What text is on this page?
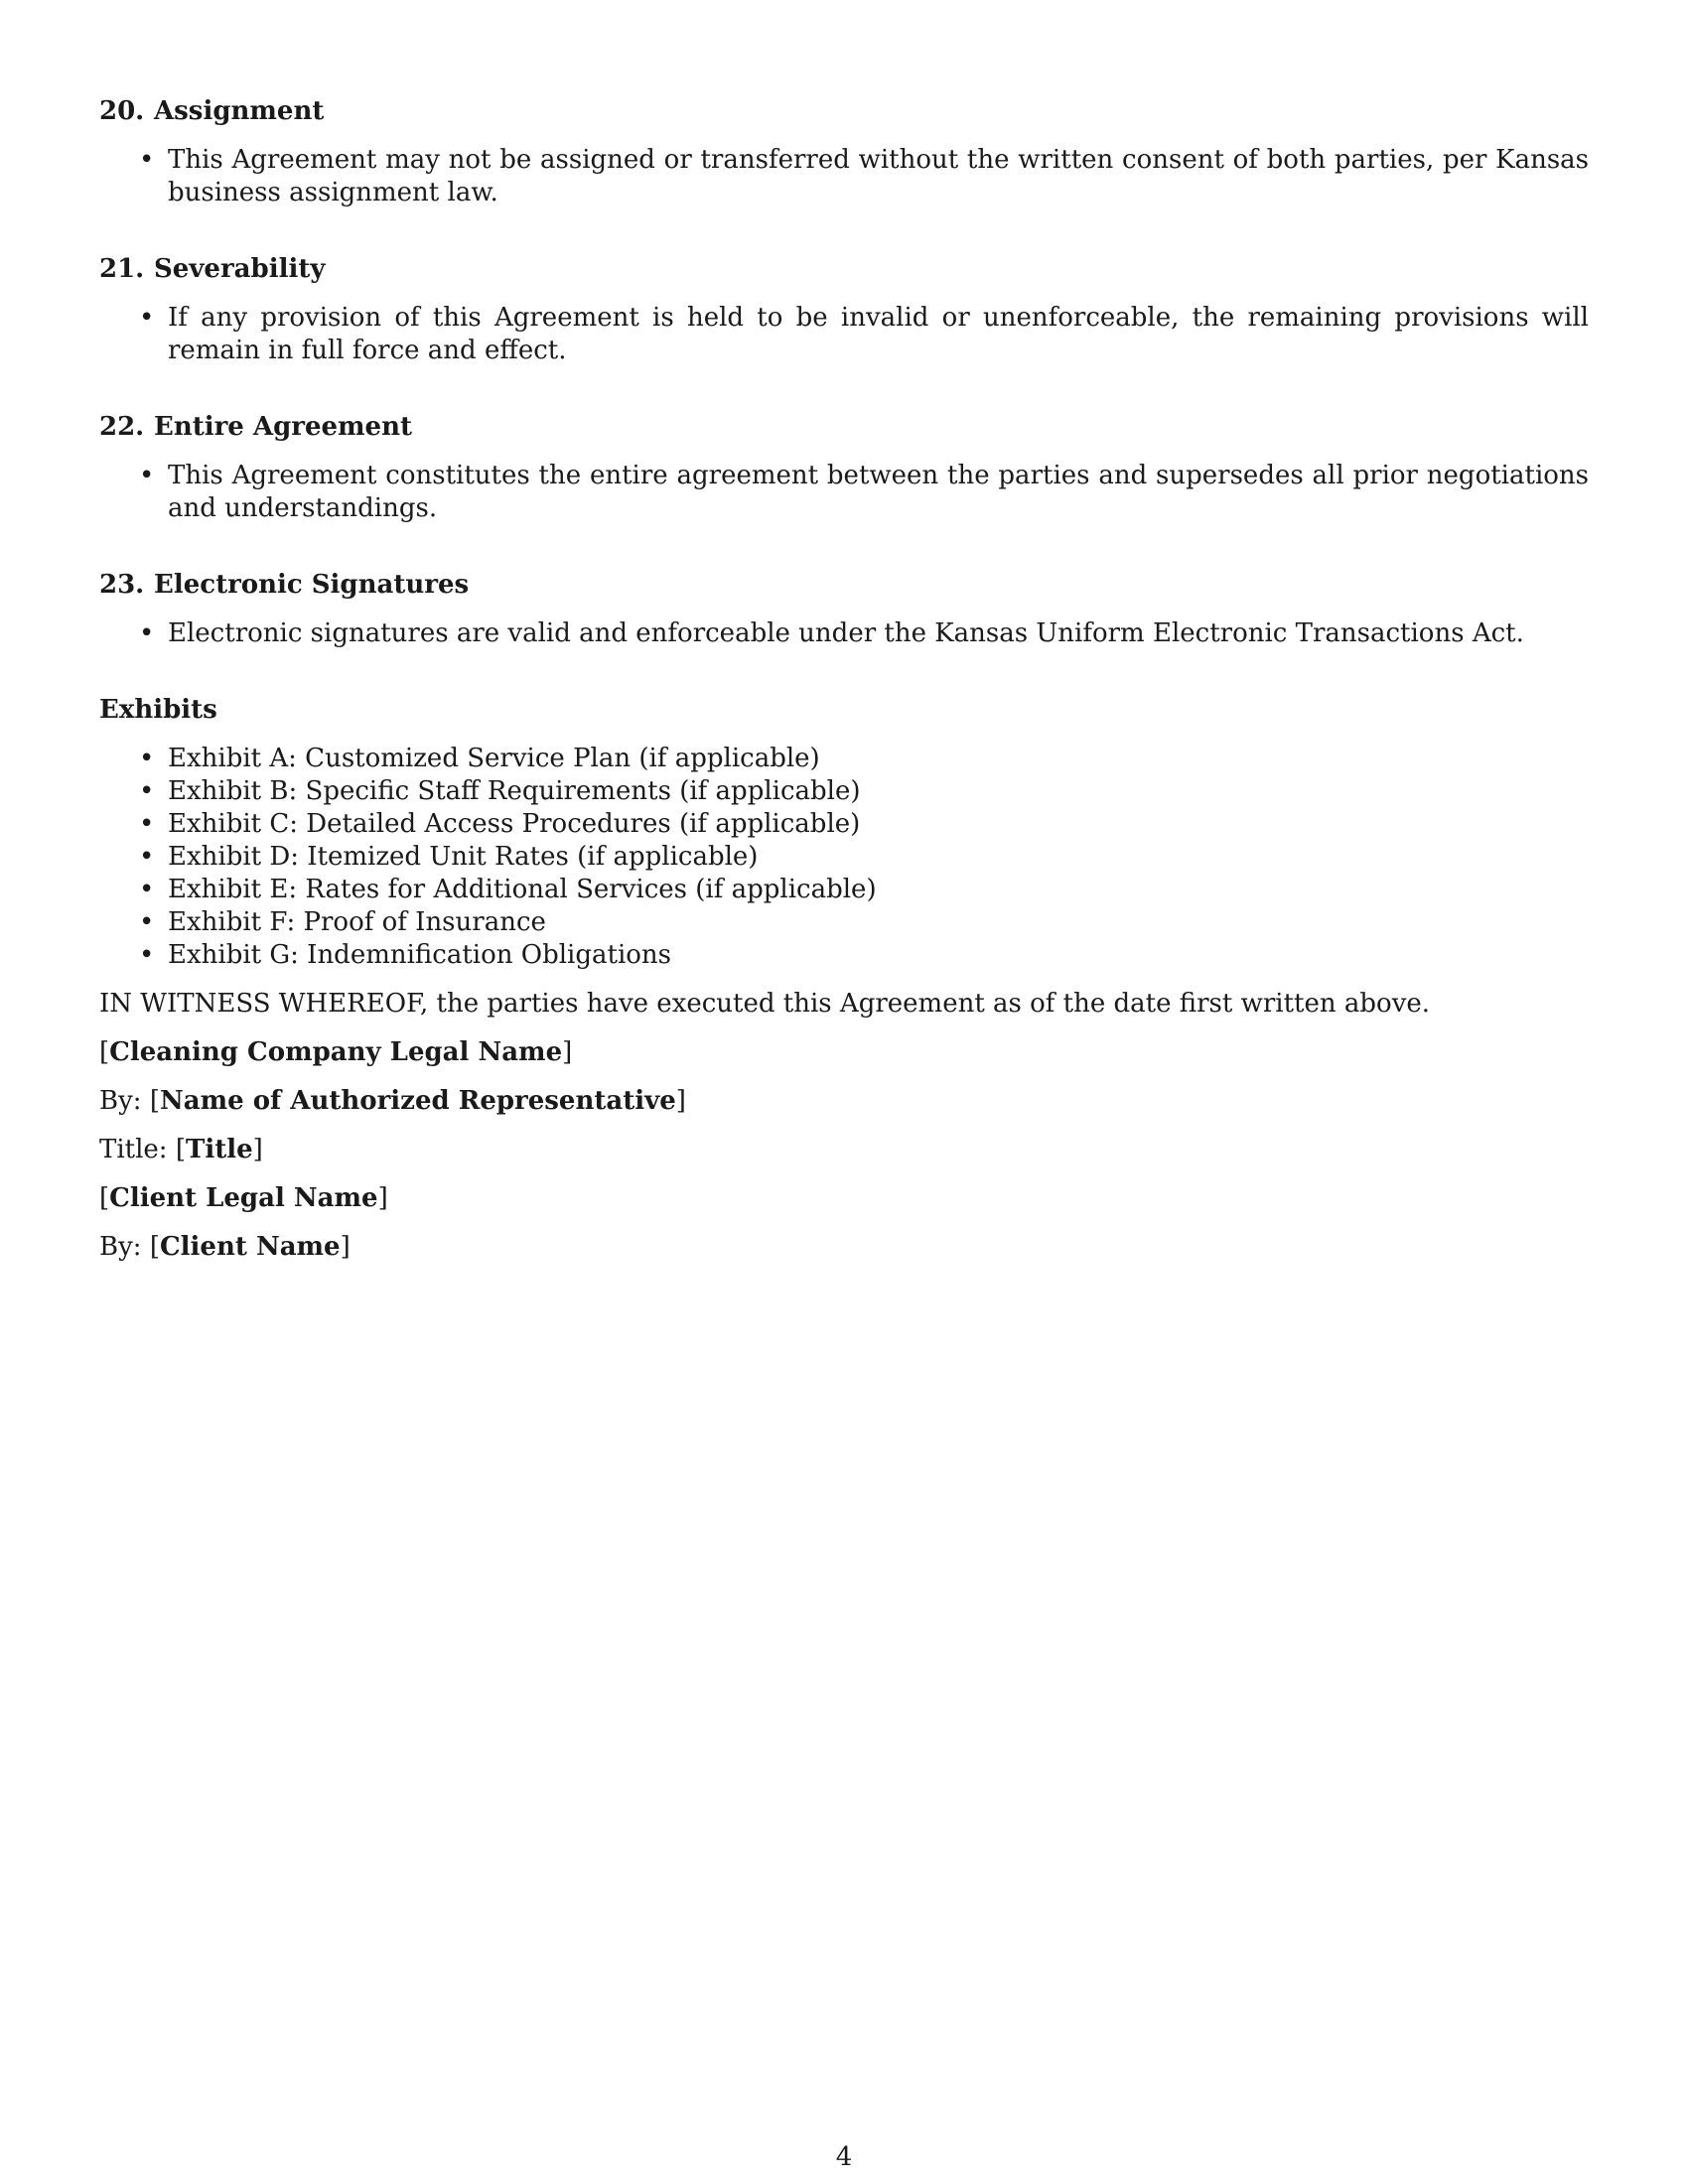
20. Assignment
• This Agreement may not be assigned or transferred without the written consent of both parties, per Kansas business assignment law.
21. Severability
• If any provision of this Agreement is held to be invalid or unenforceable, the remaining provisions will remain in full force and effect.
22. Entire Agreement
• This Agreement constitutes the entire agreement between the parties and supersedes all prior negotiations and understandings.
23. Electronic Signatures
• Electronic signatures are valid and enforceable under the Kansas Uniform Electronic Transactions Act.
Exhibits
• Exhibit A: Customized Service Plan (if applicable)
• Exhibit B: Specific Staff Requirements (if applicable)
• Exhibit C: Detailed Access Procedures (if applicable)
• Exhibit D: Itemized Unit Rates (if applicable)
• Exhibit E: Rates for Additional Services (if applicable)
• Exhibit F: Proof of Insurance
• Exhibit G: Indemnification Obligations

IN WITNESS WHEREOF, the parties have executed this Agreement as of the date first written above.

[Cleaning Company Legal Name]
By: [Name of Authorized Representative]
Title: [Title]
[Client Legal Name]
By: [Client Name]
4
